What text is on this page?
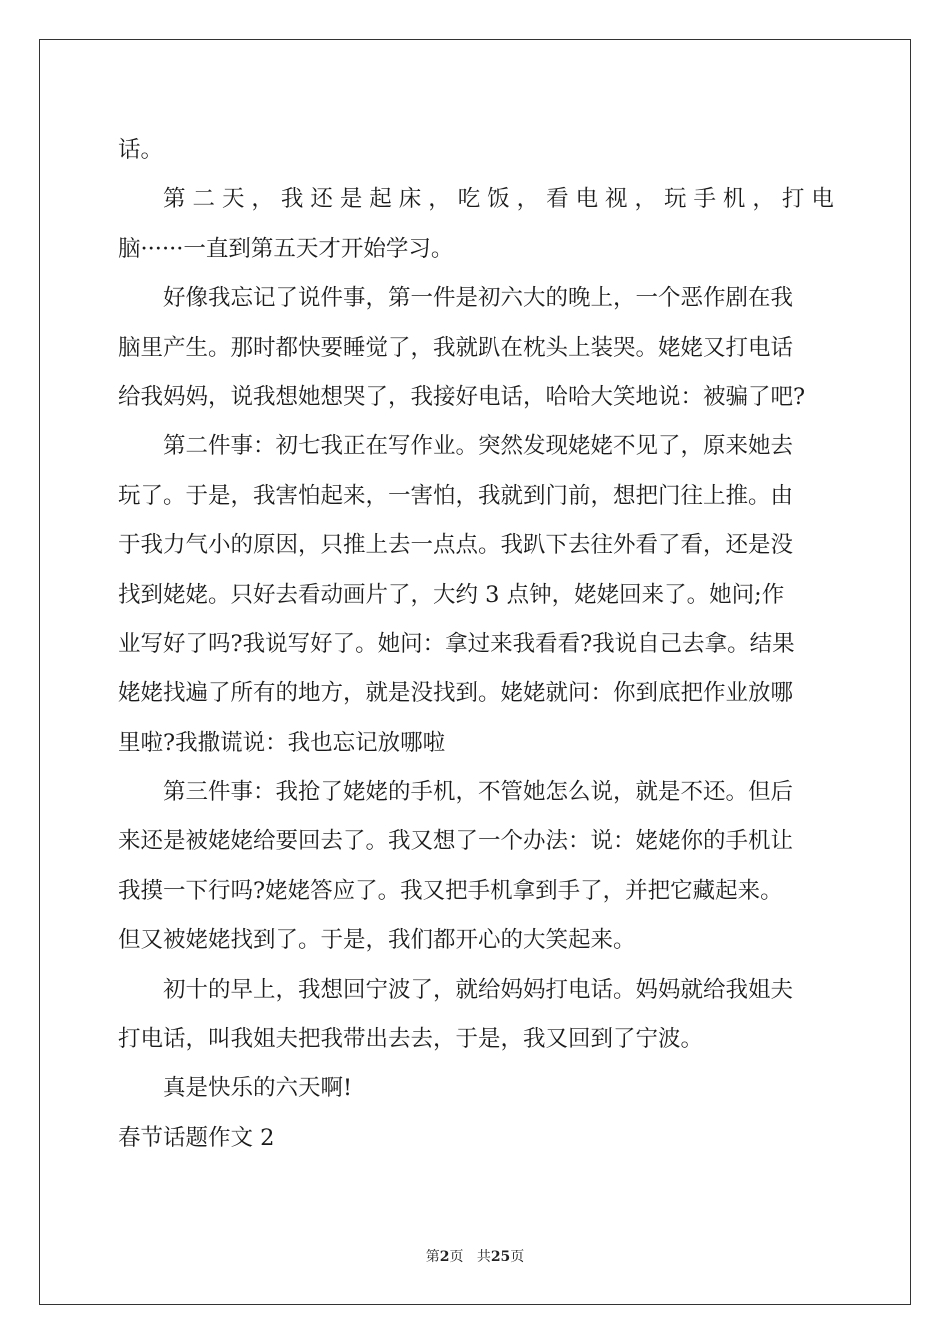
话。
第 二 天 ， 我 还 是 起 床 ， 吃 饭 ， 看 电 视 ， 玩 手 机 ， 打 电
脑······一直到第五天才开始学习。
好像我忘记了说件事，第一件是初六大的晚上，一个恶作剧在我
脑里产生。那时都快要睡觉了，我就趴在枕头上装哭。姥姥又打电话
给我妈妈，说我想她想哭了，我接好电话，哈哈大笑地说：被骗了吧?
第二件事：初七我正在写作业。突然发现姥姥不见了，原来她去
玩了。于是，我害怕起来，一害怕，我就到门前，想把门往上推。由
于我力气小的原因，只推上去一点点。我趴下去往外看了看，还是没
找到姥姥。只好去看动画片了，大约 3 点钟，姥姥回来了。她问;作
业写好了吗?我说写好了。她问：拿过来我看看?我说自己去拿。结果
姥姥找遍了所有的地方，就是没找到。姥姥就问：你到底把作业放哪
里啦?我撒谎说：我也忘记放哪啦
第三件事：我抢了姥姥的手机，不管她怎么说，就是不还。但后
来还是被姥姥给要回去了。我又想了一个办法：说：姥姥你的手机让
我摸一下行吗?姥姥答应了。我又把手机拿到手了，并把它藏起来。
但又被姥姥找到了。于是，我们都开心的大笑起来。
初十的早上，我想回宁波了，就给妈妈打电话。妈妈就给我姐夫
打电话，叫我姐夫把我带出去去，于是，我又回到了宁波。
真是快乐的六天啊!
春节话题作文 2
第2页 共25页
